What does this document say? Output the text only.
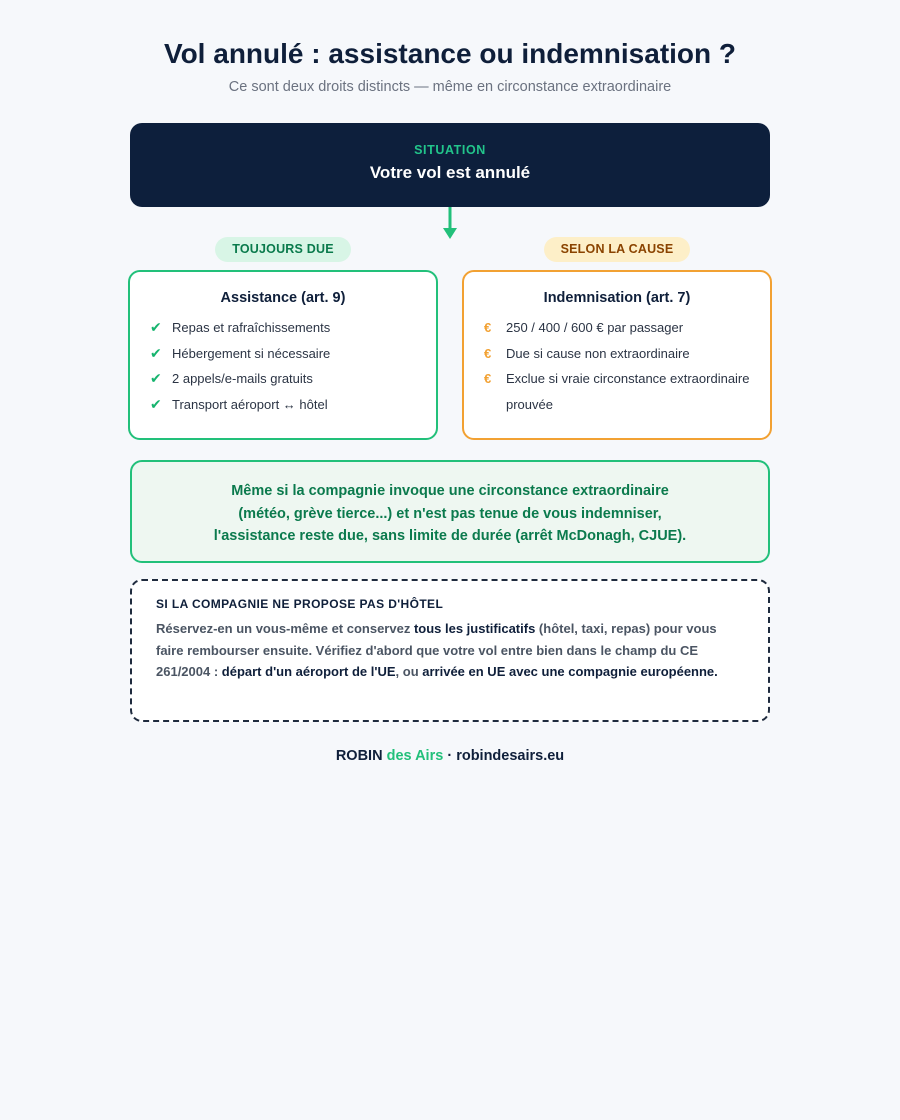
Vol annulé : assistance ou indemnisation ?

Ce sont deux droits distincts — même en circonstance extraordinaire

SITUATION
Votre vol est annulé
TOUJOURS DUE	SELON LA CAUSE
Assistance (art. 9)
✔ Repas et rafraîchissements
✔ Hébergement si nécessaire
✔ 2 appels/e-mails gratuits
✔ Transport aéroport ↔ hôtel
Indemnisation (art. 7)
€ 250 / 400 / 600 € par passager
€ Due si cause non extraordinaire
€ Exclue si vraie circonstance extraordinaire prouvée
Même si la compagnie invoque une circonstance extraordinaire
(météo, grève tierce...) et n'est pas tenue de vous indemniser,
l'assistance reste due, sans limite de durée (arrêt McDonagh, CJUE).
SI LA COMPAGNIE NE PROPOSE PAS D'HÔTEL

Réservez-en un vous-même et conservez tous les justificatifs (hôtel, taxi, repas) pour vous faire rembourser ensuite. Vérifiez d'abord que votre vol entre bien dans le champ du CE 261/2004 : départ d'un aéroport de l'UE, ou arrivée en UE avec une compagnie européenne.

ROBIN des Airs · robindesairs.eu
